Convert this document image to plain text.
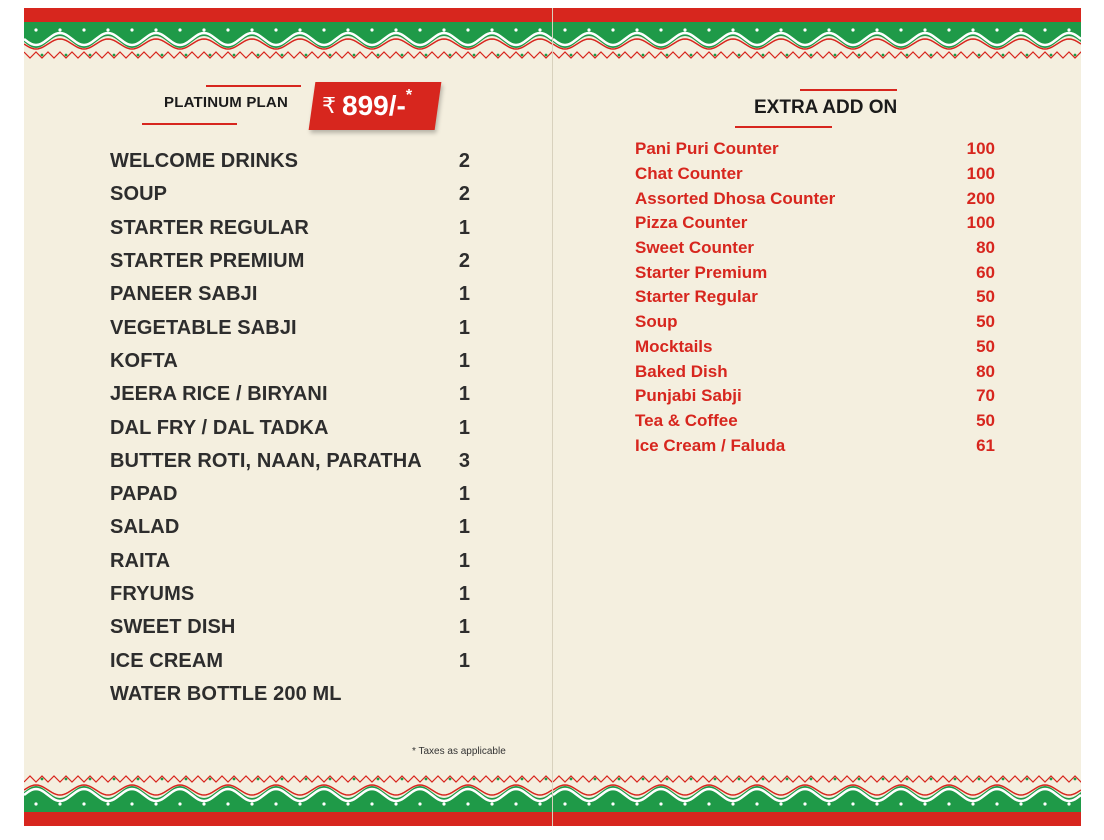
PLATINUM PLAN ₹ 899/- *
WELCOME DRINKS	2
SOUP	2
STARTER REGULAR	1
STARTER PREMIUM	2
PANEER SABJI	1
VEGETABLE SABJI	1
KOFTA	1
JEERA RICE / BIRYANI	1
DAL FRY / DAL TADKA	1
BUTTER ROTI, NAAN, PARATHA 3
PAPAD	1
SALAD	1
RAITA	1
FRYUMS	1
SWEET DISH	1
ICE CREAM	1
WATER BOTTLE 200 ML
* Taxes as applicable
EXTRA ADD ON
Pani Puri Counter	100
Chat Counter	100
Assorted Dhosa Counter	200
Pizza Counter	100
Sweet Counter	80
Starter Premium	60
Starter Regular	50
Soup	50
Mocktails	50
Baked Dish	80
Punjabi Sabji	70
Tea & Coffee	50
Ice Cream / Faluda	61
